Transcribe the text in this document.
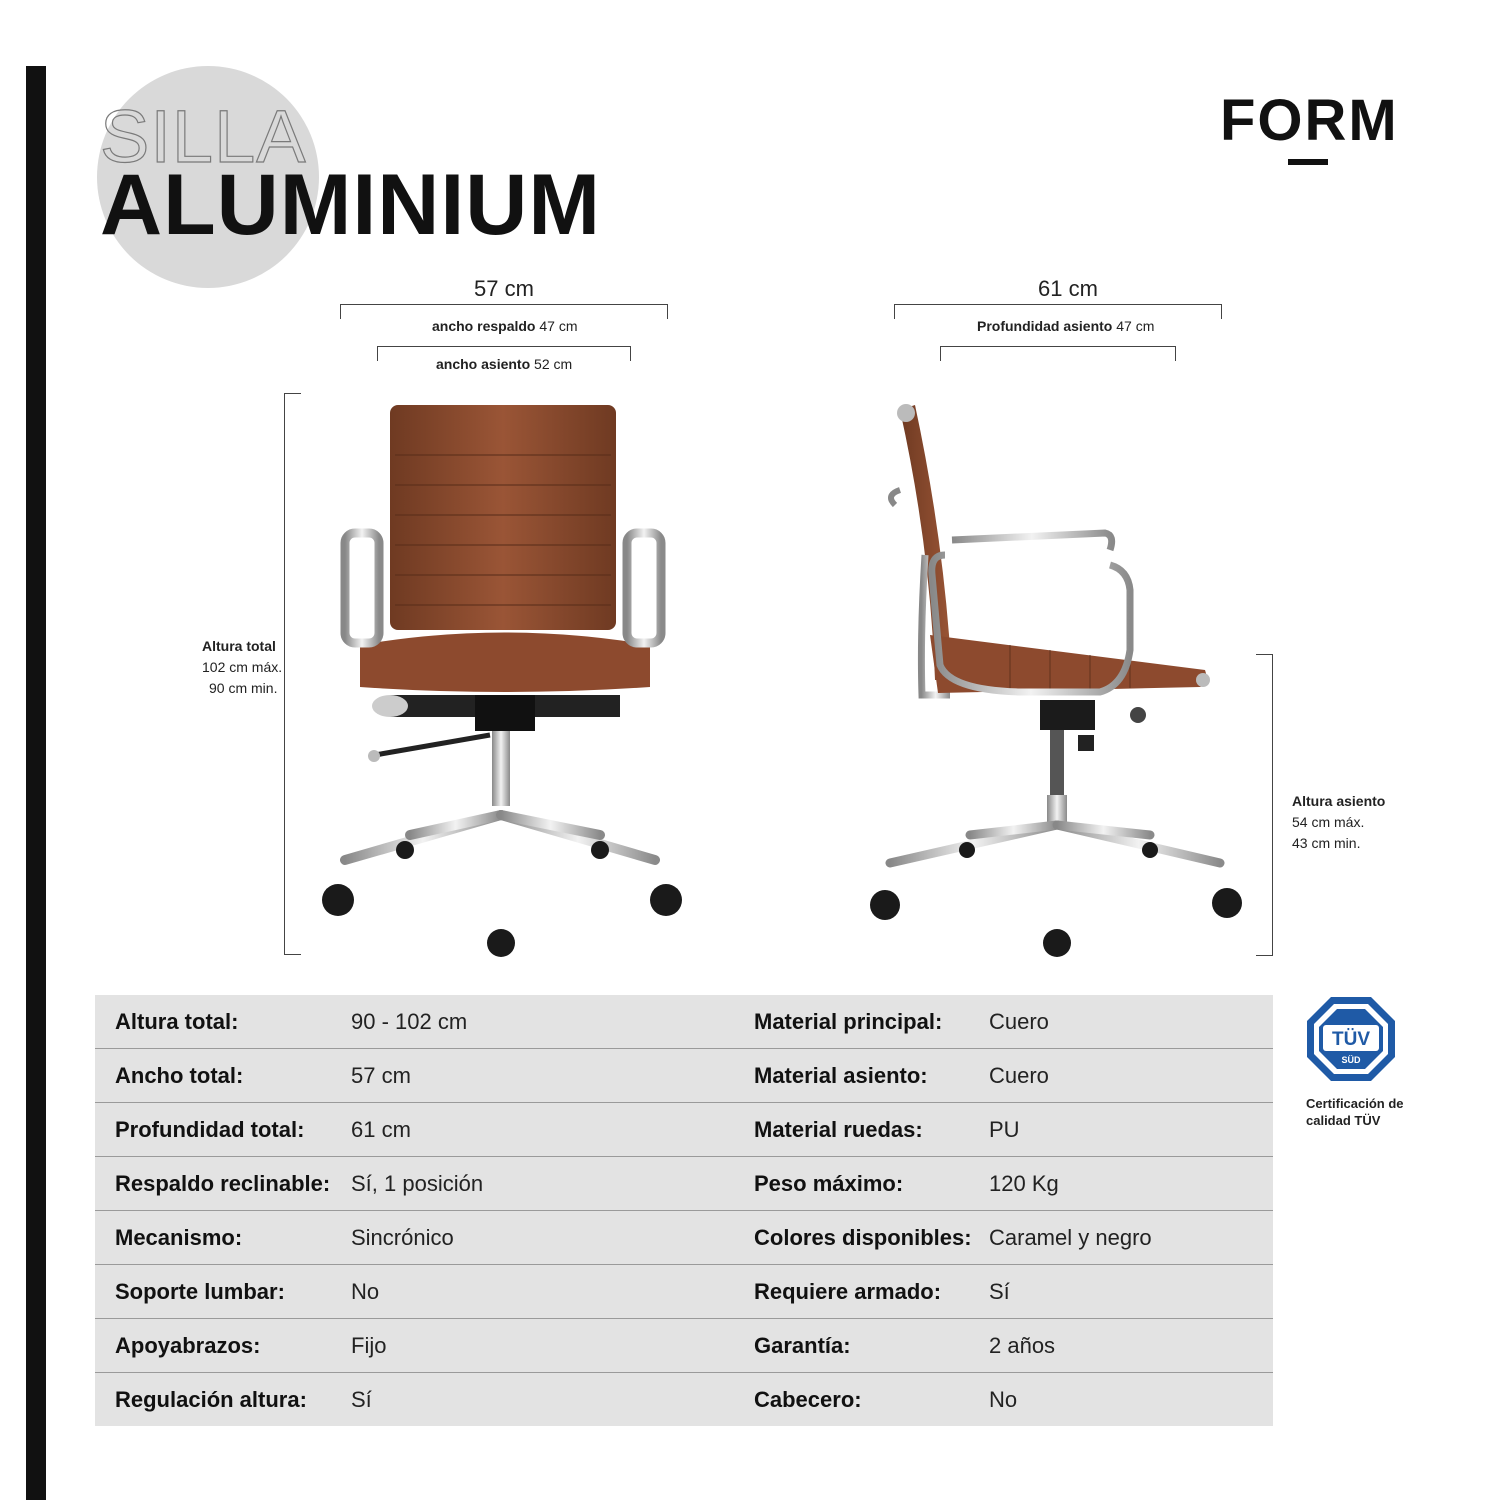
SILLA
ALUMINIUM
FORM
57 cm
ancho respaldo 47 cm
ancho asiento 52 cm
Altura total
102 cm máx.
90 cm min.
61 cm
Profundidad asiento 47 cm
Altura asiento
54 cm máx.
43 cm min.
Altura total:	90 - 102 cm	Material principal: Cuero
Ancho total:	57 cm	Material asiento:	Cuero
Profundidad total: 61 cm	Material ruedas:	PU
Respaldo reclinable: Sí, 1 posición	Peso máximo:	120 Kg
Mecanismo:	Sincrónico	Colores disponibles: Caramel y negro
Soporte lumbar:	No	Requiere armado: Sí
Apoyabrazos:	Fijo	Garantía:	2 años
Regulación altura: Sí	Cabecero:	No
TÜV
SÜD
Certificación de
calidad TÜV
